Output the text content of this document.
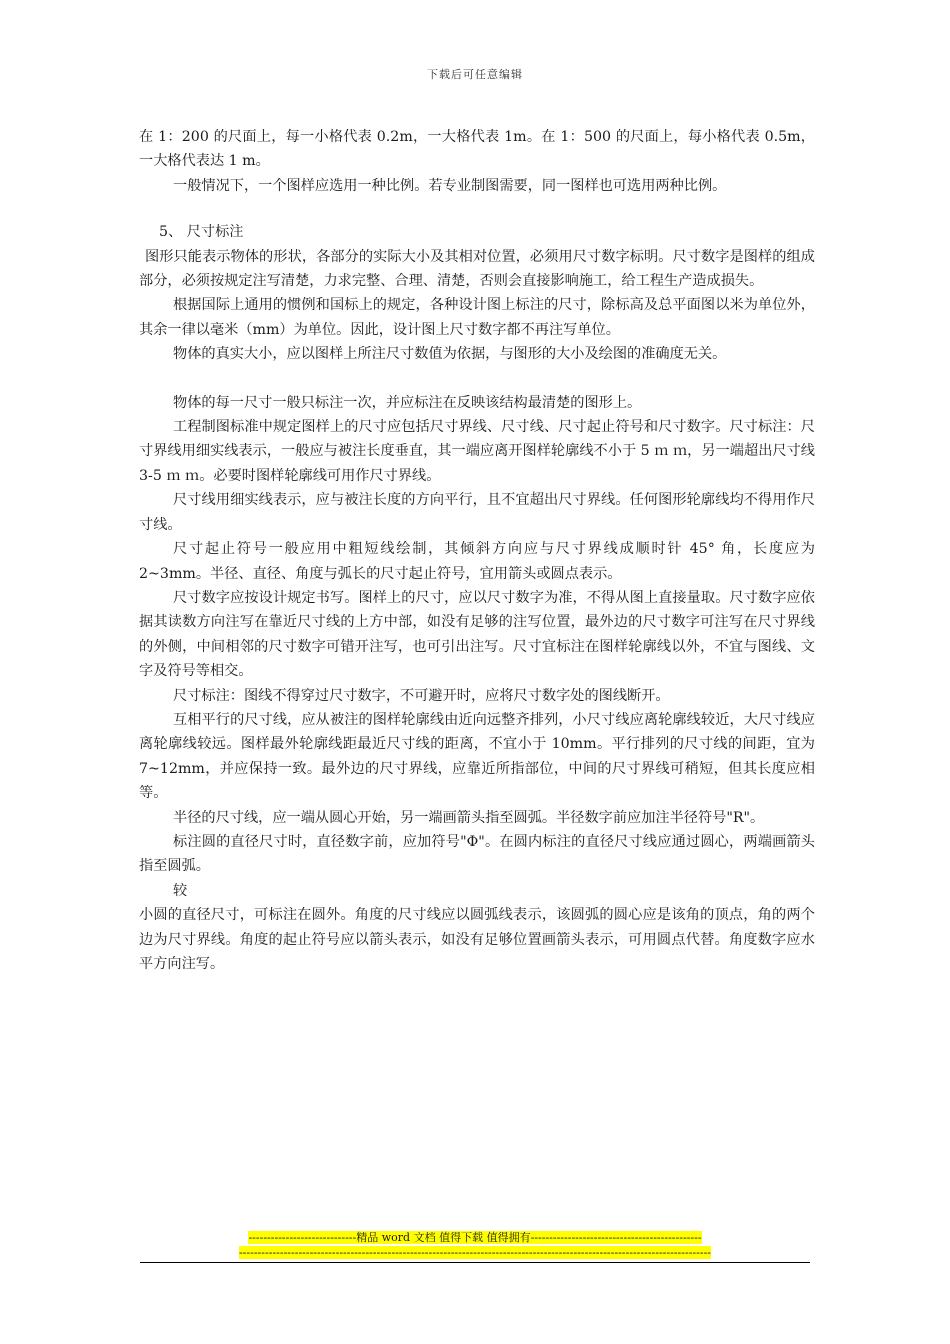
下载后可任意编辑

在 1：200 的尺面上，每一小格代表 0.2m，一大格代表 1m。在 1：500 的尺面上，每小格代表 0.5m，一大格代表达 1 m。

一般情况下，一个图样应选用一种比例。若专业制图需要，同一图样也可选用两种比例。

5、 尺寸标注

图形只能表示物体的形状，各部分的实际大小及其相对位置，必须用尺寸数字标明。尺寸数字是图样的组成部分，必须按规定注写清楚，力求完整、合理、清楚，否则会直接影响施工，给工程生产造成损失。

根据国际上通用的惯例和国标上的规定，各种设计图上标注的尺寸，除标高及总平面图以米为单位外，其余一律以毫米（mm）为单位。因此，设计图上尺寸数字都不再注写单位。

物体的真实大小，应以图样上所注尺寸数值为依据，与图形的大小及绘图的准确度无关。

物体的每一尺寸一般只标注一次，并应标注在反映该结构最清楚的图形上。

工程制图标准中规定图样上的尺寸应包括尺寸界线、尺寸线、尺寸起止符号和尺寸数字。尺寸标注：尺寸界线用细实线表示，一般应与被注长度垂直，其一端应离开图样轮廓线不小于 5 ｍ ｍ，另一端超出尺寸线 3-5 ｍ ｍ。必要时图样轮廓线可用作尺寸界线。

尺寸线用细实线表示，应与被注长度的方向平行，且不宜超出尺寸界线。任何图形轮廓线均不得用作尺寸线。

尺寸起止符号一般应用中粗短线绘制，其倾斜方向应与尺寸界线成顺时针 45° 角，长度应为 2~3mm。半径、直径、角度与弧长的尺寸起止符号，宜用箭头或圆点表示。

尺寸数字应按设计规定书写。图样上的尺寸，应以尺寸数字为准，不得从图上直接量取。尺寸数字应依据其读数方向注写在靠近尺寸线的上方中部，如没有足够的注写位置，最外边的尺寸数字可注写在尺寸界线的外侧，中间相邻的尺寸数字可错开注写，也可引出注写。尺寸宜标注在图样轮廓线以外，不宜与图线、文字及符号等相交。

尺寸标注：图线不得穿过尺寸数字，不可避开时，应将尺寸数字处的图线断开。

互相平行的尺寸线，应从被注的图样轮廓线由近向远整齐排列，小尺寸线应离轮廓线较近，大尺寸线应离轮廓线较远。图样最外轮廓线距最近尺寸线的距离，不宜小于 10mm。平行排列的尺寸线的间距，宜为 7~12mm，并应保持一致。最外边的尺寸界线，应靠近所指部位，中间的尺寸界线可稍短，但其长度应相等。

半径的尺寸线，应一端从圆心开始，另一端画箭头指至圆弧。半径数字前应加注半径符号"R"。

标注圆的直径尺寸时，直径数字前，应加符号"Φ"。在圆内标注的直径尺寸线应通过圆心，两端画箭头指至圆弧。

较

小圆的直径尺寸，可标注在圆外。角度的尺寸线应以圆弧线表示，该圆弧的圆心应是该角的顶点，角的两个边为尺寸界线。角度的起止符号应以箭头表示，如没有足够位置画箭头表示，可用圆点代替。角度数字应水平方向注写。

-----------------------------精品 word 文档 值得下载 值得拥有----------------------------------------------
-------------------------------------------------------------------------------------------------------------------------------
